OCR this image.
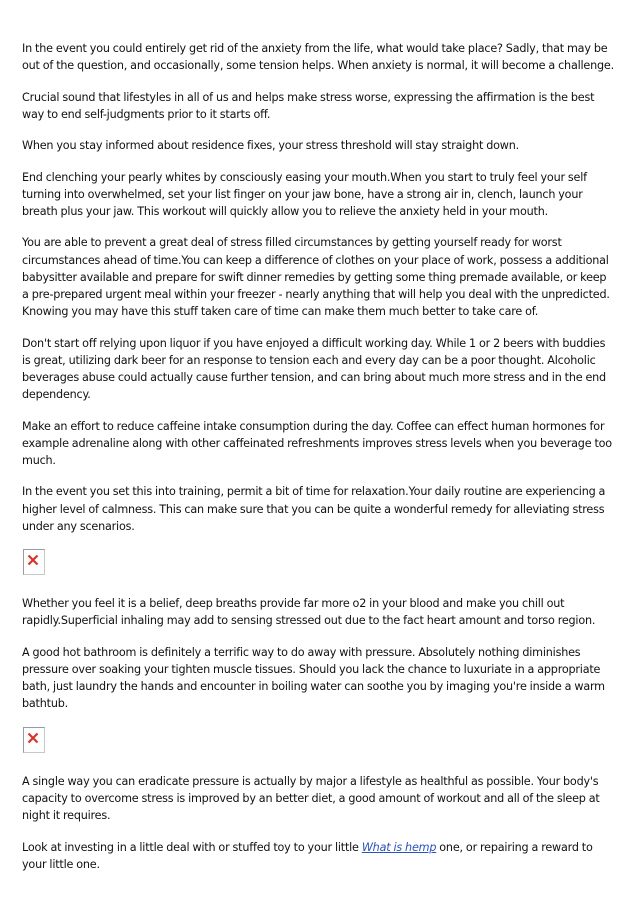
In the event you could entirely get rid of the anxiety from the life, what would take place? Sadly, that may be out of the question, and occasionally, some tension helps. When anxiety is normal, it will become a challenge.

Crucial sound that lifestyles in all of us and helps make stress worse, expressing the affirmation is the best way to end self-judgments prior to it starts off.

When you stay informed about residence fixes, your stress threshold will stay straight down.

End clenching your pearly whites by consciously easing your mouth.When you start to truly feel your self turning into overwhelmed, set your list finger on your jaw bone, have a strong air in, clench, launch your breath plus your jaw. This workout will quickly allow you to relieve the anxiety held in your mouth.

You are able to prevent a great deal of stress filled circumstances by getting yourself ready for worst circumstances ahead of time.You can keep a difference of clothes on your place of work, possess a additional babysitter available and prepare for swift dinner remedies by getting some thing premade available, or keep a pre-prepared urgent meal within your freezer - nearly anything that will help you deal with the unpredicted. Knowing you may have this stuff taken care of time can make them much better to take care of.

Don't start off relying upon liquor if you have enjoyed a difficult working day. While 1 or 2 beers with buddies is great, utilizing dark beer for an response to tension each and every day can be a poor thought. Alcoholic beverages abuse could actually cause further tension, and can bring about much more stress and in the end dependency.

Make an effort to reduce caffeine intake consumption during the day. Coffee can effect human hormones for example adrenaline along with other caffeinated refreshments improves stress levels when you beverage too much.

In the event you set this into training, permit a bit of time for relaxation.Your daily routine are experiencing a higher level of calmness. This can make sure that you can be quite a wonderful remedy for alleviating stress under any scenarios.

Whether you feel it is a belief, deep breaths provide far more o2 in your blood and make you chill out rapidly.Superficial inhaling may add to sensing stressed out due to the fact heart amount and torso region.

A good hot bathroom is definitely a terrific way to do away with pressure. Absolutely nothing diminishes pressure over soaking your tighten muscle tissues. Should you lack the chance to luxuriate in a appropriate bath, just laundry the hands and encounter in boiling water can soothe you by imaging you're inside a warm bathtub.

A single way you can eradicate pressure is actually by major a lifestyle as healthful as possible. Your body's capacity to overcome stress is improved by an better diet, a good amount of workout and all of the sleep at night it requires.

Look at investing in a little deal with or stuffed toy to your little What is hemp one, or repairing a reward to your little one.
